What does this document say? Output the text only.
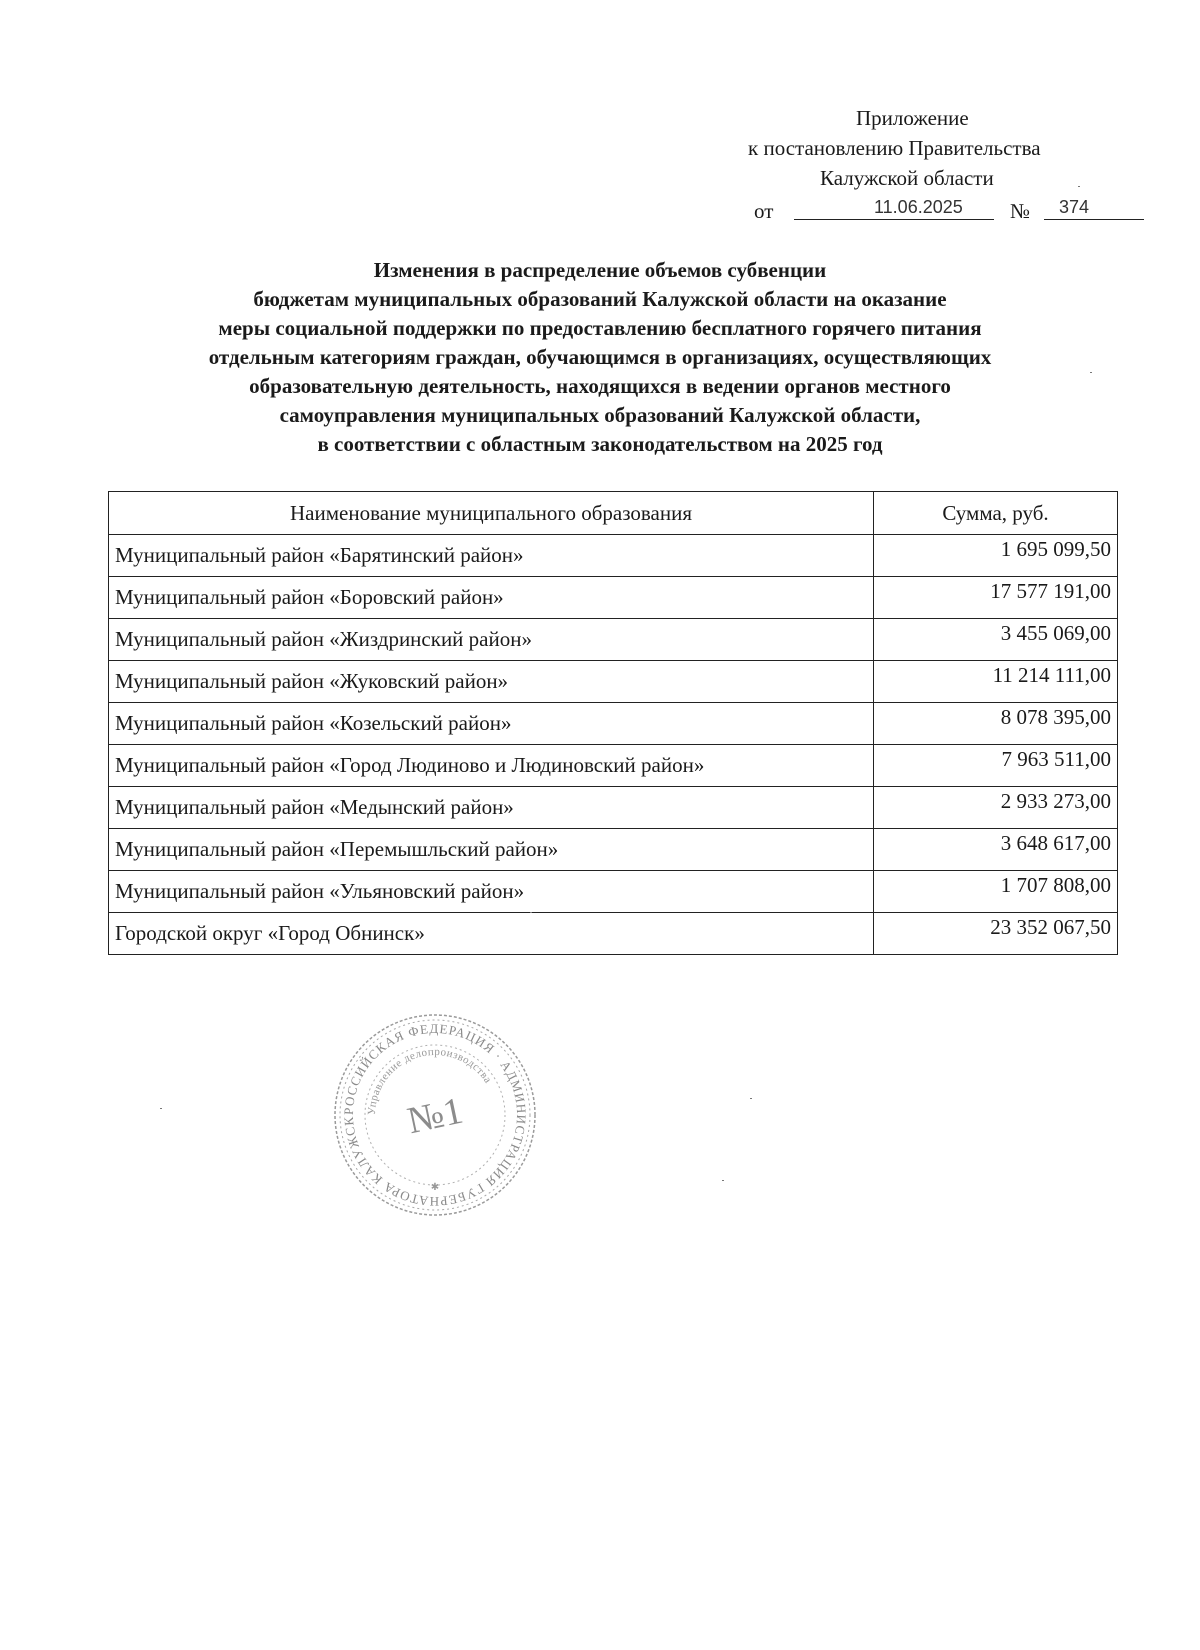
Приложение
к постановлению Правительства
Калужской области
от	11.06.2025 № 374
Изменения в распределение объемов субвенции
бюджетам муниципальных образований Калужской области на оказание
меры социальной поддержки по предоставлению бесплатного горячего питания
отдельным категориям граждан, обучающимся в организациях, осуществляющих
образовательную деятельность, находящихся в ведении органов местного
самоуправления муниципальных образований Калужской области,
в соответствии с областным законодательством на 2025 год
Наименование муниципального образования	Сумма, руб.
Муниципальный район «Барятинский район»	1 695 099,50
Муниципальный район «Боровский район»	17 577 191,00
Муниципальный район «Жиздринский район»	3 455 069,00
Муниципальный район «Жуковский район»	11 214 111,00
Муниципальный район «Козельский район»	8 078 395,00
Муниципальный район «Город Людиново и Людиновский район»	7 963 511,00
Муниципальный район «Медынский район»	2 933 273,00
Муниципальный район «Перемышльский район»	3 648 617,00
Муниципальный район «Ульяновский район»	1 707 808,00
Городской округ «Город Обнинск»	23 352 067,50
РОССИЙСКАЯ ФЕДЕРАЦИЯ · АДМИНИСТРАЦИЯ ГУБЕРНАТОРА КАЛУЖСК
Управление делопроизводства
№1
✱
